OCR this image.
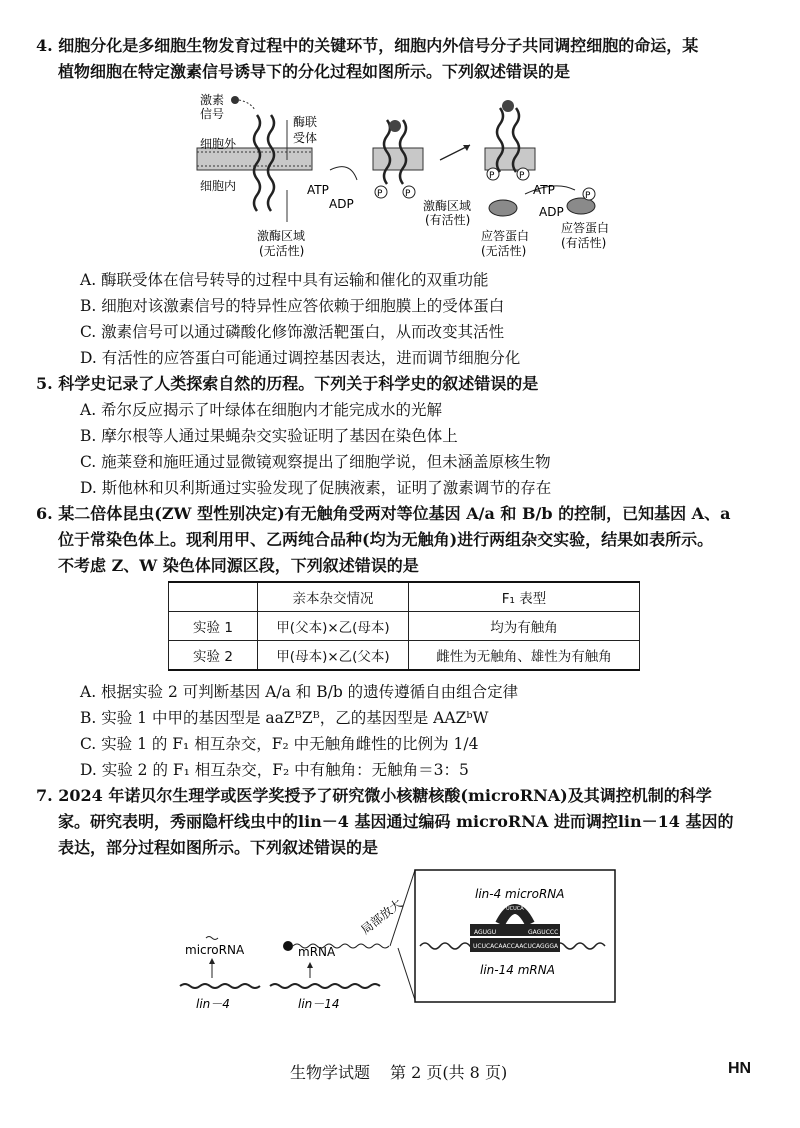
4. 细胞分化是多细胞生物发育过程中的关键环节，细胞内外信号分子共同调控细胞的命运，某
植物细胞在特定激素信号诱导下的分化过程如图所示。下列叙述错误的是
激素
信号
细胞外
细胞内
酶联
受体
激酶区域
(无活性)
ATP
ADP
P	P
激酶区域
(有活性)
P	P
ATP
ADP
P
应答蛋白
(无活性)
应答蛋白
(有活性)
A. 酶联受体在信号转导的过程中具有运输和催化的双重功能
B. 细胞对该激素信号的特异性应答依赖于细胞膜上的受体蛋白
C. 激素信号可以通过磷酸化修饰激活靶蛋白，从而改变其活性
D. 有活性的应答蛋白可能通过调控基因表达，进而调节细胞分化
5. 科学史记录了人类探索自然的历程。下列关于科学史的叙述错误的是
A. 希尔反应揭示了叶绿体在细胞内才能完成水的光解
B. 摩尔根等人通过果蝇杂交实验证明了基因在染色体上
C. 施莱登和施旺通过显微镜观察提出了细胞学说，但未涵盖原核生物
D. 斯他林和贝利斯通过实验发现了促胰液素，证明了激素调节的存在
6. 某二倍体昆虫(ZW 型性别决定)有无触角受两对等位基因 A/a 和 B/b 的控制，已知基因 A、a
位于常染色体上。现利用甲、乙两纯合品种(均为无触角)进行两组杂交实验，结果如表所示。
不考虑 Z、W 染色体同源区段，下列叙述错误的是
	亲本杂交情况	F₁ 表型
实验 1	甲(父本)×乙(母本)	均为有触角
实验 2	甲(母本)×乙(父本)	雌性为无触角、雄性为有触角
A. 根据实验 2 可判断基因 A/a 和 B/b 的遗传遵循自由组合定律
B. 实验 1 中甲的基因型是 aaZᴮZᴮ，乙的基因型是 AAZᵇW
C. 实验 1 的 F₁ 相互杂交，F₂ 中无触角雌性的比例为 1/4
D. 实验 2 的 F₁ 相互杂交，F₂ 中有触角：无触角＝3：5
7. 2024 年诺贝尔生理学或医学奖授予了研究微小核糖核酸(microRNA)及其调控机制的科学
家。研究表明，秀丽隐杆线虫中的lin－4 基因通过编码 microRNA 进而调控lin－14 基因的
表达，部分过程如图所示。下列叙述错误的是
microRNA
lin－4
mRNA
lin－14
局部放大
lin-4 microRNA
AGUGU	GAGUCCC
UCUCA
UCUCACAACCAACUCAGGGA
lin-14 mRNA
生物学试题 第 2 页(共 8 页)	HN
